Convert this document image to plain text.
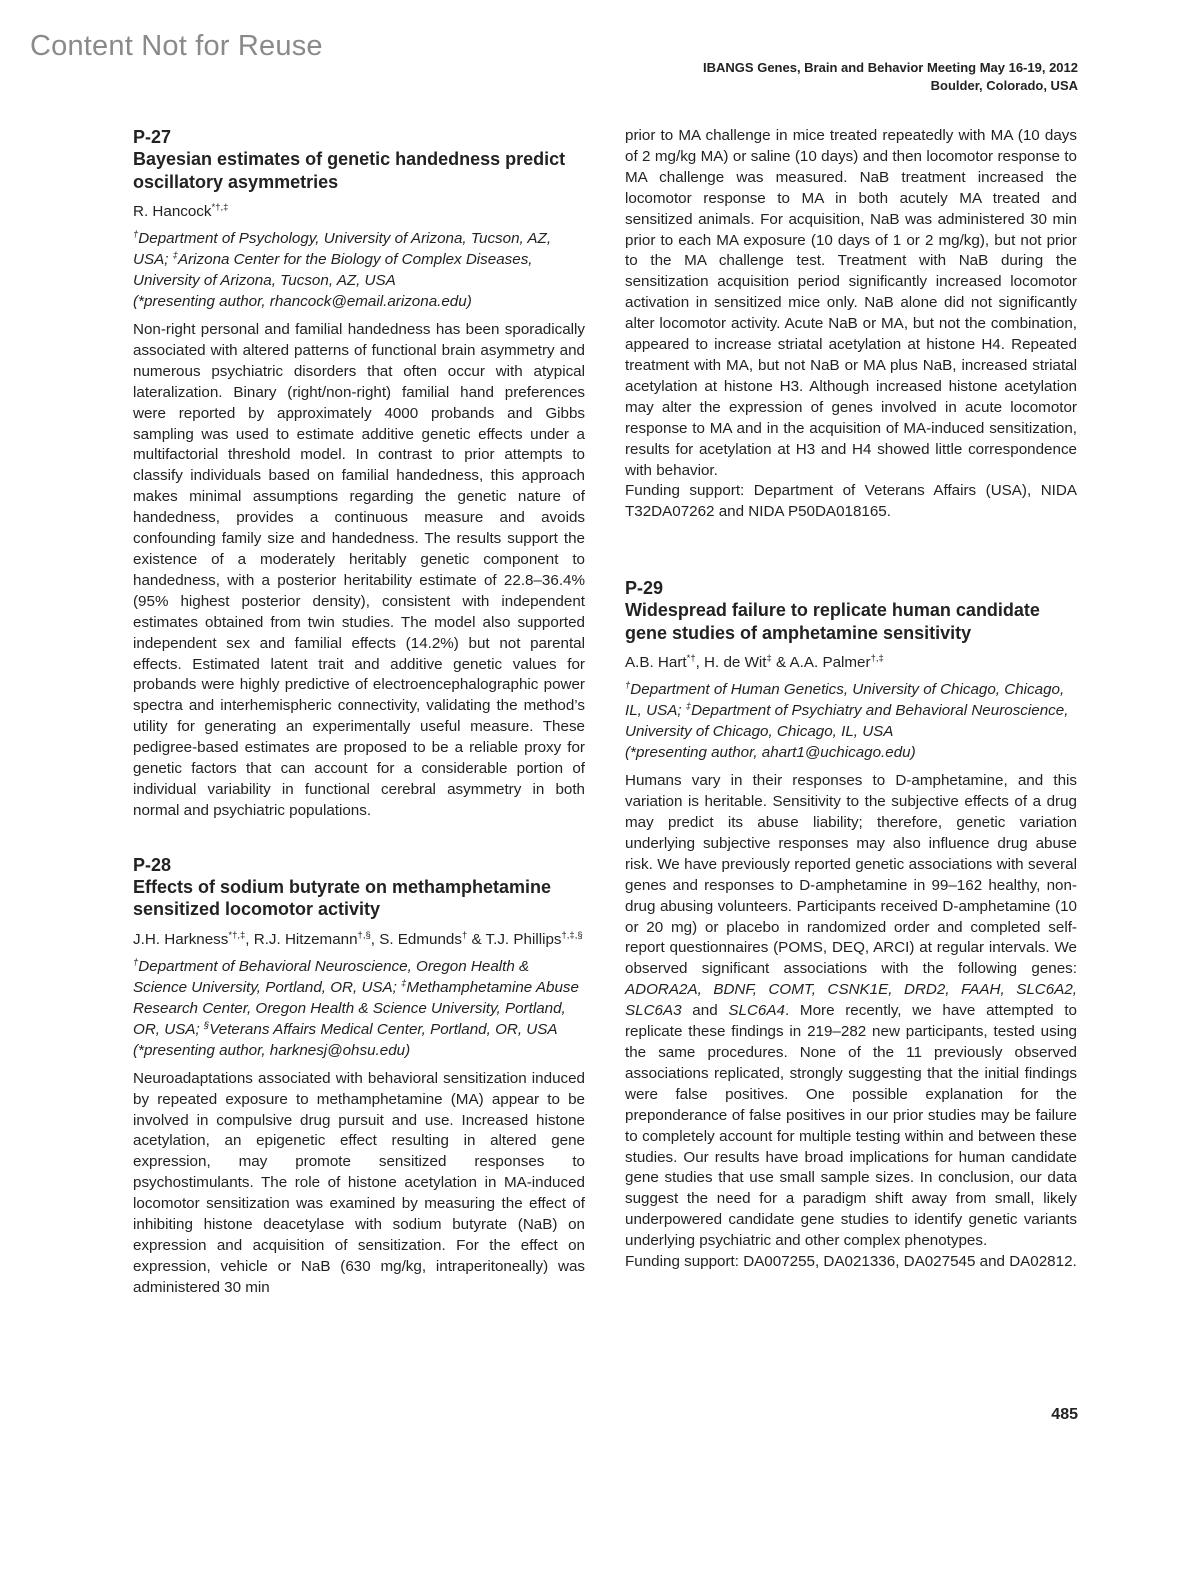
Content Not for Reuse
IBANGS Genes, Brain and Behavior Meeting May 16-19, 2012
Boulder, Colorado, USA
P-27
Bayesian estimates of genetic handedness predict oscillatory asymmetries
R. Hancock*†,‡
†Department of Psychology, University of Arizona, Tucson, AZ, USA; ‡Arizona Center for the Biology of Complex Diseases, University of Arizona, Tucson, AZ, USA
(*presenting author, rhancock@email.arizona.edu)

Non-right personal and familial handedness has been sporadically associated with altered patterns of functional brain asymmetry and numerous psychiatric disorders that often occur with atypical lateralization. Binary (right/non-right) familial hand preferences were reported by approximately 4000 probands and Gibbs sampling was used to estimate additive genetic effects under a multifactorial threshold model. In contrast to prior attempts to classify individuals based on familial handedness, this approach makes minimal assumptions regarding the genetic nature of handedness, provides a continuous measure and avoids confounding family size and handedness. The results support the existence of a moderately heritably genetic component to handedness, with a posterior heritability estimate of 22.8–36.4% (95% highest posterior density), consistent with independent estimates obtained from twin studies. The model also supported independent sex and familial effects (14.2%) but not parental effects. Estimated latent trait and additive genetic values for probands were highly predictive of electroencephalographic power spectra and interhemispheric connectivity, validating the method’s utility for generating an experimentally useful measure. These pedigree-based estimates are proposed to be a reliable proxy for genetic factors that can account for a considerable portion of individual variability in functional cerebral asymmetry in both normal and psychiatric populations.

P-28
Effects of sodium butyrate on methamphetamine sensitized locomotor activity
J.H. Harkness*†,‡, R.J. Hitzemann†,§, S. Edmunds† & T.J. Phillips†,‡,§
†Department of Behavioral Neuroscience, Oregon Health & Science University, Portland, OR, USA; ‡Methamphetamine Abuse Research Center, Oregon Health & Science University, Portland, OR, USA; §Veterans Affairs Medical Center, Portland, OR, USA
(*presenting author, harknesj@ohsu.edu)

Neuroadaptations associated with behavioral sensitization induced by repeated exposure to methamphetamine (MA) appear to be involved in compulsive drug pursuit and use. Increased histone acetylation, an epigenetic effect resulting in altered gene expression, may promote sensitized responses to psychostimulants. The role of histone acetylation in MA-induced locomotor sensitization was examined by measuring the effect of inhibiting histone deacetylase with sodium butyrate (NaB) on expression and acquisition of sensitization. For the effect on expression, vehicle or NaB (630 mg/kg, intraperitoneally) was administered 30 min

prior to MA challenge in mice treated repeatedly with MA (10 days of 2 mg/kg MA) or saline (10 days) and then locomotor response to MA challenge was measured. NaB treatment increased the locomotor response to MA in both acutely MA treated and sensitized animals. For acquisition, NaB was administered 30 min prior to each MA exposure (10 days of 1 or 2 mg/kg), but not prior to the MA challenge test. Treatment with NaB during the sensitization acquisition period significantly increased locomotor activation in sensitized mice only. NaB alone did not significantly alter locomotor activity. Acute NaB or MA, but not the combination, appeared to increase striatal acetylation at histone H4. Repeated treatment with MA, but not NaB or MA plus NaB, increased striatal acetylation at histone H3. Although increased histone acetylation may alter the expression of genes involved in acute locomotor response to MA and in the acquisition of MA-induced sensitization, results for acetylation at H3 and H4 showed little correspondence with behavior.

Funding support: Department of Veterans Affairs (USA), NIDA T32DA07262 and NIDA P50DA018165.

P-29
Widespread failure to replicate human candidate gene studies of amphetamine sensitivity
A.B. Hart*†, H. de Wit‡ & A.A. Palmer†,‡
†Department of Human Genetics, University of Chicago, Chicago, IL, USA; ‡Department of Psychiatry and Behavioral Neuroscience, University of Chicago, Chicago, IL, USA
(*presenting author, ahart1@uchicago.edu)

Humans vary in their responses to D-amphetamine, and this variation is heritable. Sensitivity to the subjective effects of a drug may predict its abuse liability; therefore, genetic variation underlying subjective responses may also influence drug abuse risk. We have previously reported genetic associations with several genes and responses to D-amphetamine in 99–162 healthy, non-drug abusing volunteers. Participants received D-amphetamine (10 or 20 mg) or placebo in randomized order and completed self-report questionnaires (POMS, DEQ, ARCI) at regular intervals. We observed significant associations with the following genes: ADORA2A, BDNF, COMT, CSNK1E, DRD2, FAAH, SLC6A2, SLC6A3 and SLC6A4. More recently, we have attempted to replicate these findings in 219–282 new participants, tested using the same procedures. None of the 11 previously observed associations replicated, strongly suggesting that the initial findings were false positives. One possible explanation for the preponderance of false positives in our prior studies may be failure to completely account for multiple testing within and between these studies. Our results have broad implications for human candidate gene studies that use small sample sizes. In conclusion, our data suggest the need for a paradigm shift away from small, likely underpowered candidate gene studies to identify genetic variants underlying psychiatric and other complex phenotypes.

Funding support: DA007255, DA021336, DA027545 and DA02812.

485
